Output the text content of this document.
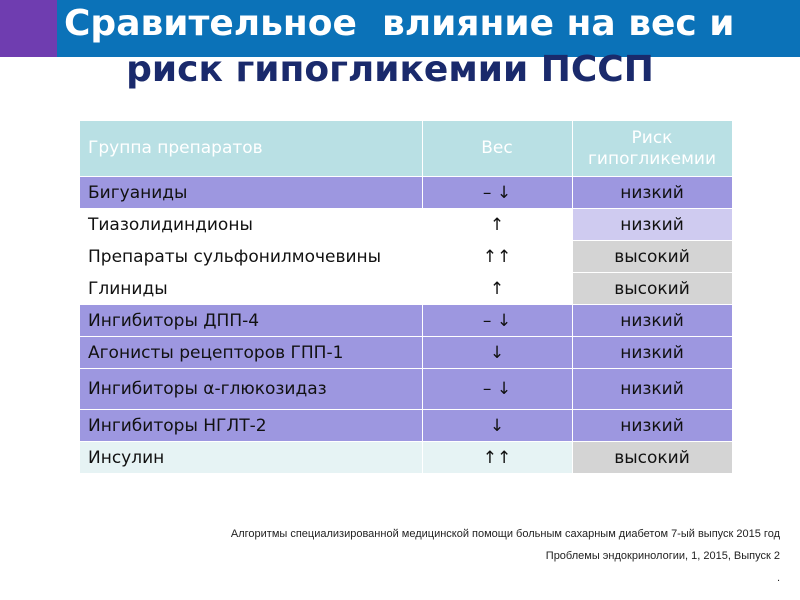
Сравительное  влияние на вес и
риск гипогликемии ПССП
Группа препаратов	Вес	Риск гипогликемии
Бигуаниды	– ↓	низкий
Тиазолидиндионы	↑	низкий
Препараты сульфонилмочевины	↑↑	высокий
Глиниды	↑	высокий
Ингибиторы ДПП-4	– ↓	низкий
Агонисты рецепторов ГПП-1	↓	низкий
Ингибиторы α-глюкозидаз	– ↓	низкий
Ингибиторы НГЛТ-2	↓	низкий
Инсулин	↑↑	высокий
Алгоритмы специализированной медицинской помощи больным сахарным диабетом 7-ый выпуск 2015 год
Проблемы эндокринологии, 1, 2015, Выпуск 2
.
